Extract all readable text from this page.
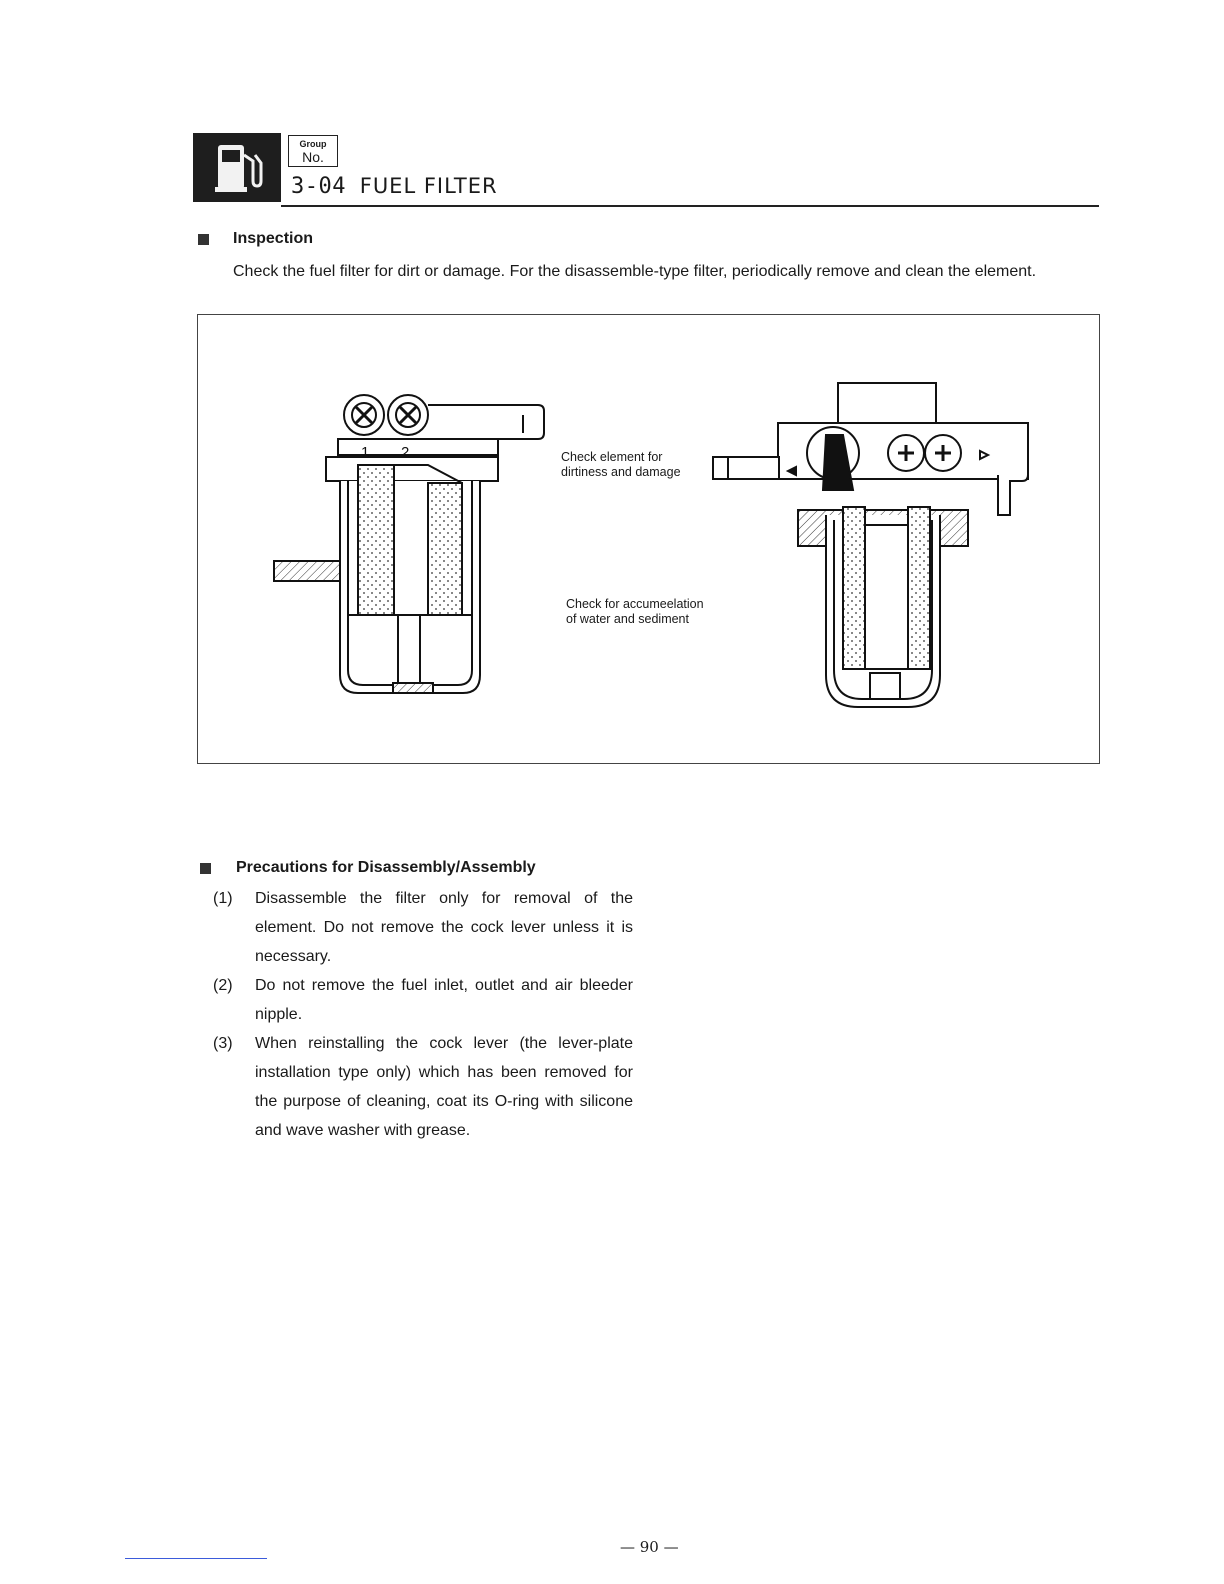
Group
No.
3-04 FUEL FILTER
Inspection
Check the fuel filter for dirt or damage. For the disassemble-type filter, periodically remove and clean the element.
1 2	Check element for
dirtiness and damage
Check for accumeelation
of water and sediment
Precautions for Disassembly/Assembly
(1)	Disassemble the filter only for removal of the element. Do not remove the cock lever unless it is necessary.
(2)	Do not remove the fuel inlet, outlet and air bleeder nipple.
(3)	When reinstalling the cock lever (the lever-plate installation type only) which has been removed for the purpose of cleaning, coat its O-ring with silicone and wave washer with grease.
— 90 —
